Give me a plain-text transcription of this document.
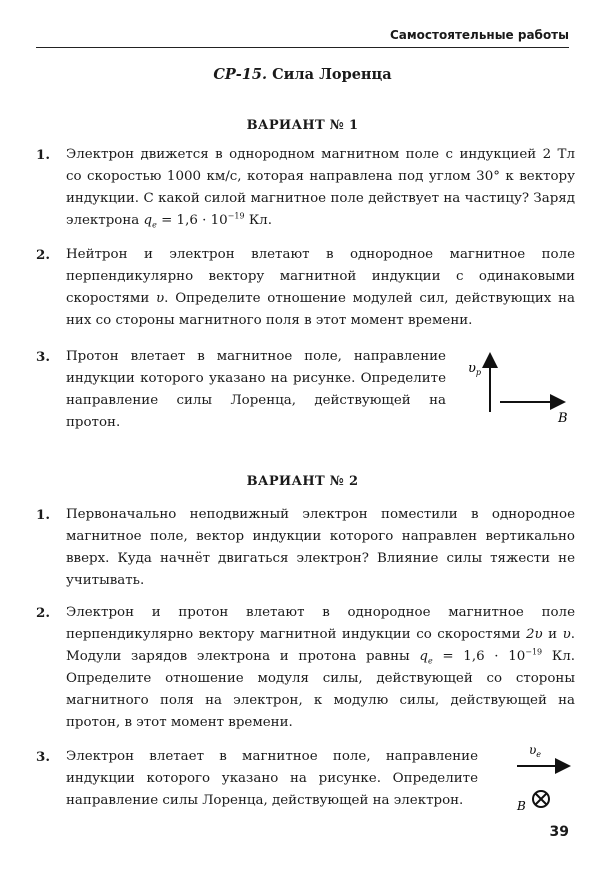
Самостоятельные работы
СР-15. Сила Лоренца
ВАРИАНТ № 1
1. Электрон движется в однородном магнитном поле с индукцией 2 Тл со скоростью 1000 км/с, которая направлена под углом 30° к вектору индукции. С какой силой магнитное поле действует на частицу? Заряд электрона $q_e = 1,6 \cdot 10^{-19}$ Кл.
2. Нейтрон и электрон влетают в однородное магнитное поле перпендикулярно вектору магнитной индукции с одинаковыми скоростями υ. Определите отношение модулей сил, действующих на них со стороны магнитного поля в этот момент времени.
3. Протон влетает в магнитное поле, направление индукции которого указано на рисунке. Определите направление силы Лоренца, действующей на протон.
$\upsilon_p$
B
ВАРИАНТ № 2
1. Первоначально неподвижный электрон поместили в однородное магнитное поле, вектор индукции которого направлен вертикально вверх. Куда начнёт двигаться электрон? Влияние силы тяжести не учитывать.
2. Электрон и протон влетают в однородное магнитное поле перпендикулярно вектору магнитной индукции со скоростями 2υ и υ. Модули зарядов электрона и протона равны $q_e = 1,6 \cdot 10^{-19}$ Кл. Определите отношение модуля силы, действующей со стороны магнитного поля на электрон, к модулю силы, действующей на протон, в этот момент времени.
3. Электрон влетает в магнитное поле, направление индукции которого указано на рисунке. Определите направление силы Лоренца, действующей на электрон.
$\upsilon_e$
B
39
